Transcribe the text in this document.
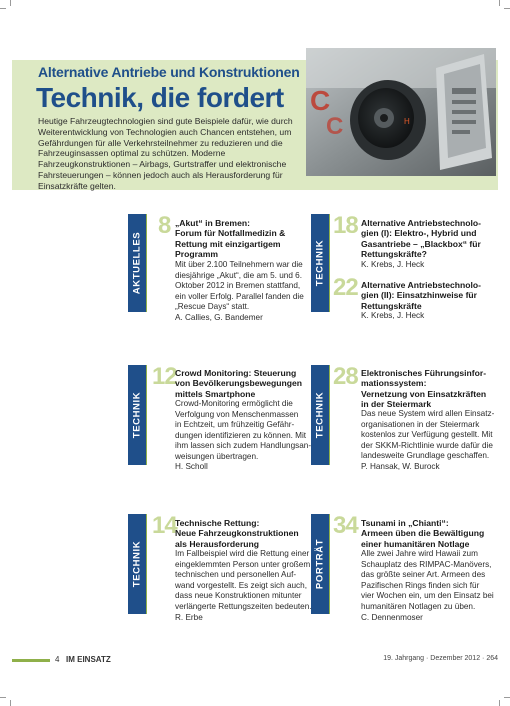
Alternative Antriebe und Konstruktionen
Technik, die fordert
Heutige Fahrzeugtechnologien sind gute Beispiele dafür, wie durch Weiterentwicklung von Technologien auch Chancen entstehen, um Gefährdungen für alle Verkehrsteilnehmer zu reduzieren und die Fahrzeuginsassen optimal zu schützen. Moderne Fahrzeugkonstruktionen – Airbags, Gurtstraffer und elektronische Fahrsteuerungen – können jedoch auch als Herausforderung für Einsatzkräfte gelten.
C
C	H
AKTUELLES	TECHNIK
TECHNIK	TECHNIK
TECHNIK	PORTRÄT
8 „Akut“ in Bremen:
Forum für Notfallmedizin &
Rettung mit einzigartigem
Programm
Mit über 2.100 Teilnehmern war die
diesjährige „Akut“, die am 5. und 6.
Oktober 2012 in Bremen stattfand,
ein voller Erfolg. Parallel fanden die
„Rescue Days“ statt.
A. Callies, G. Bandemer
18 Alternative Antriebstechnolo-
gien (I): Elektro-, Hybrid und
Gasantriebe – „Blackbox“ für
Rettungskräfte?
K. Krebs, J. Heck
22 Alternative Antriebstechnolo-
gien (II): Einsatzhinweise für
Rettungskräfte
K. Krebs, J. Heck
12
Crowd Monitoring: Steuerung
von Bevölkerungsbewegungen
mittels Smartphone
Crowd-Monitoring ermöglicht die
Verfolgung von Menschenmassen
in Echtzeit, um frühzeitig Gefähr-
dungen identifizieren zu können. Mit
ihm lassen sich zudem Handlungsan-
weisungen übertragen.
H. Scholl
28 Elektronisches Führungsinfor-
mationssystem:
Vernetzung von Einsatzkräften
in der Steiermark
Das neue System wird allen Einsatz-
organisationen in der Steiermark
kostenlos zur Verfügung gestellt. Mit
der SKKM-Richtlinie wurde dafür die
landesweite Grundlage geschaffen.
P. Hansak, W. Burock
14
Technische Rettung:
Neue Fahrzeugkonstruktionen
als Herausforderung
Im Fallbeispiel wird die Rettung einer
eingeklemmten Person unter großem
technischen und personellen Auf-
wand vorgestellt. Es zeigt sich auch,
dass neue Konstruktionen mitunter
verlängerte Rettungszeiten bedeuten.
R. Erbe
34 Tsunami in „Chianti“:
Armeen üben die Bewältigung
einer humanitären Notlage
Alle zwei Jahre wird Hawaii zum
Schauplatz des RIMPAC-Manövers,
das größte seiner Art. Armeen des
Pazifischen Rings finden sich für
vier Wochen ein, um den Einsatz bei
humanitären Notlagen zu üben.
C. Dennenmoser
4 IM EINSATZ	19. Jahrgang · Dezember 2012 · 264
